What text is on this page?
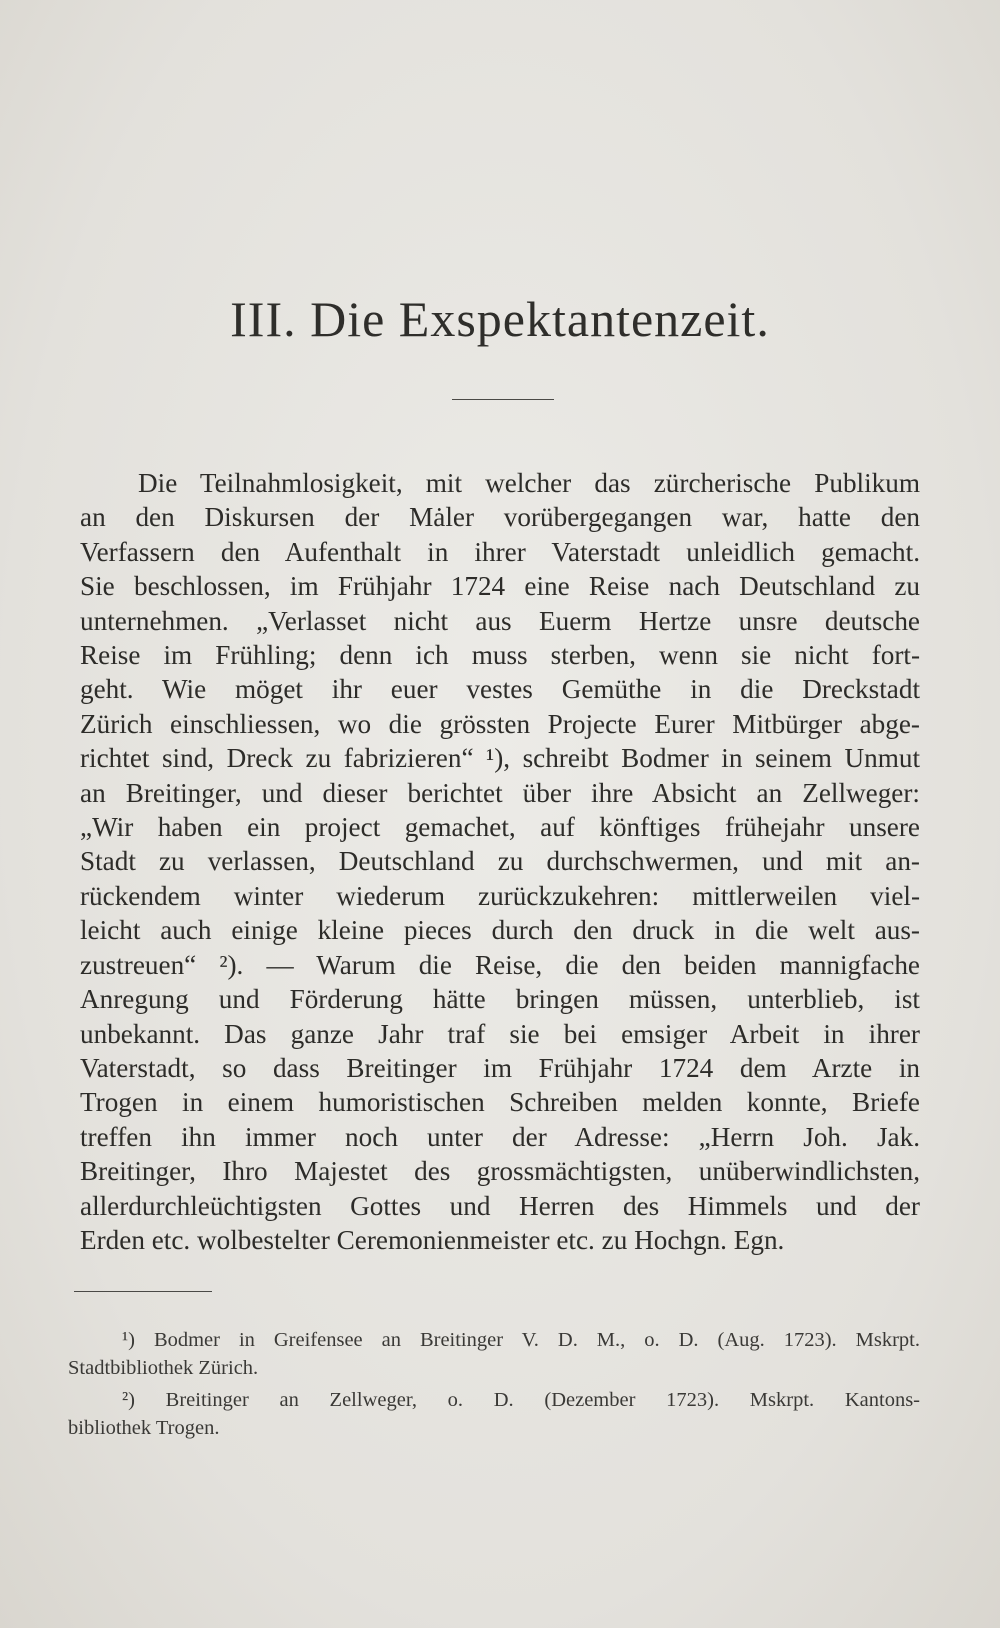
III. Die Exspektantenzeit.
Die Teilnahmlosigkeit, mit welcher das zürcherische Publikum
an den Diskursen der Mȧler vorübergegangen war, hatte den
Verfassern den Aufenthalt in ihrer Vaterstadt unleidlich gemacht.
Sie beschlossen, im Frühjahr 1724 eine Reise nach Deutschland zu
unternehmen. „Verlasset nicht aus Euerm Hertze unsre deutsche
Reise im Frühling; denn ich muss sterben, wenn sie nicht fort-
geht. Wie möget ihr euer vestes Gemüthe in die Dreckstadt
Zürich einschliessen, wo die grössten Projecte Eurer Mitbürger abge-
richtet sind, Dreck zu fabrizieren“ ¹), schreibt Bodmer in seinem Unmut
an Breitinger, und dieser berichtet über ihre Absicht an Zellweger:
„Wir haben ein project gemachet, auf könftiges frühejahr unsere
Stadt zu verlassen, Deutschland zu durchschwermen, und mit an-
rückendem winter wiederum zurückzukehren: mittlerweilen viel-
leicht auch einige kleine pieces durch den druck in die welt aus-
zustreuen“ ²). — Warum die Reise, die den beiden mannigfache
Anregung und Förderung hätte bringen müssen, unterblieb, ist
unbekannt. Das ganze Jahr traf sie bei emsiger Arbeit in ihrer
Vaterstadt, so dass Breitinger im Frühjahr 1724 dem Arzte in
Trogen in einem humoristischen Schreiben melden konnte, Briefe
treffen ihn immer noch unter der Adresse: „Herrn Joh. Jak.
Breitinger, Ihro Majestet des grossmächtigsten, unüberwindlichsten,
allerdurchleüchtigsten Gottes und Herren des Himmels und der
Erden etc. wolbestelter Ceremonienmeister etc. zu Hochgn. Egn.
¹) Bodmer in Greifensee an Breitinger V. D. M., o. D. (Aug. 1723). Mskrpt.
Stadtbibliothek Zürich.
²) Breitinger an Zellweger, o. D. (Dezember 1723). Mskrpt. Kantons-
bibliothek Trogen.
